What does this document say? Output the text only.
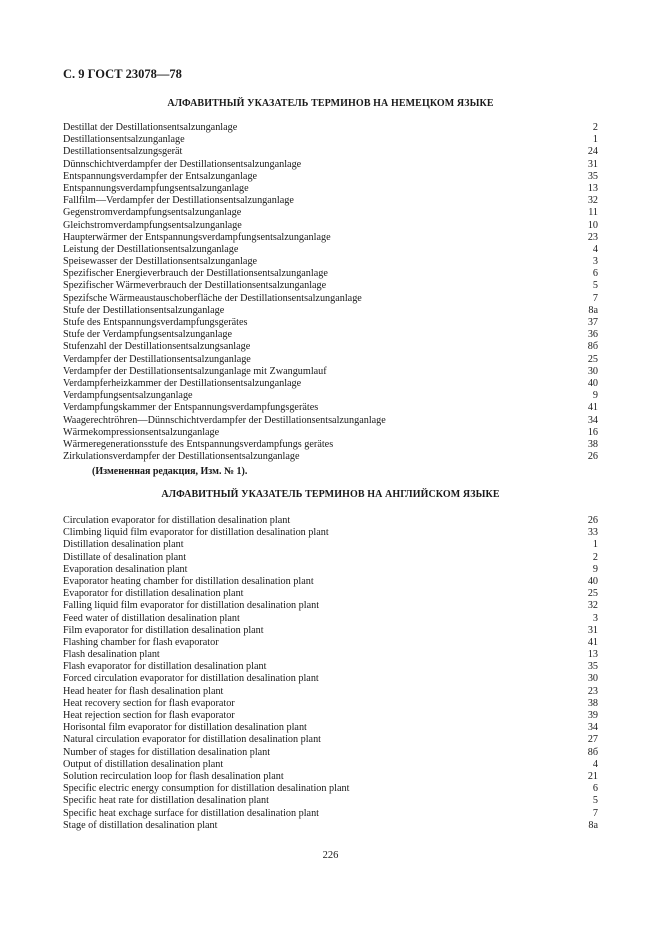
С. 9 ГОСТ 23078—78
АЛФАВИТНЫЙ УКАЗАТЕЛЬ ТЕРМИНОВ НА НЕМЕЦКОМ ЯЗЫКЕ
Destillat der Destillationsentsalzunganlage	2
Destillationsentsalzunganlage	1
Destillationsentsalzungsgerät	24
Dünnschichtverdampfer der Destillationsentsalzunganlage	31
Entspannungsverdampfer der Entsalzunganlage	35
Entspannungsverdampfungsentsalzunganlage	13
Fallfilm—Verdampfer der Destillationsentsalzunganlage	32
Gegenstromverdampfungsentsalzunganlage	11
Gleichstromverdampfungsentsalzunganlage	10
Haupterwärmer der Entspannungsverdampfungsentsalzunganlage	23
Leistung der Destillationsentsalzunganlage	4
Speisewasser der Destillationsentsalzunganlage	3
Spezifischer Energieverbrauch der Destillationsentsalzunganlage	6
Spezifischer Wärmeverbrauch der Destillationsentsalzunganlage	5
Spezifsche Wärmeaustauschoberfläche der Destillationsentsalzunganlage	7
Stufe der Destillationsentsalzunganlage	8a
Stufe des Entspannungsverdampfungsgerätes	37
Stufe der Verdampfungsentsalzunganlage	36
Stufenzahl der Destillationsentsalzungsanlage	8б
Verdampfer der Destillationsentsalzunganlage	25
Verdampfer der Destillationsentsalzunganlage mit Zwangumlauf	30
Verdampferheizkammer der Destillationsentsalzunganlage	40
Verdampfungsentsalzunganlage	9
Verdampfungskammer der Entspannungsverdampfungsgerätes	41
Waagerechtröhren—Dünnschichtverdampfer der Destillationsentsalzunganlage	34
Wärmekompressionsentsalzunganlage	16
Wärmeregenerationsstufe des Entspannungsverdampfungs gerätes	38
Zirkulationsverdampfer der Destillationsentsalzunganlage	26
(Измененная редакция, Изм. № 1).
АЛФАВИТНЫЙ УКАЗАТЕЛЬ ТЕРМИНОВ НА АНГЛИЙСКОМ ЯЗЫКЕ
Circulation evaporator for distillation desalination plant	26
Climbing liquid film evaporator for distillation desalination plant	33
Distillation desalination plant	1
Distillate of desalination plant	2
Evaporation desalination plant	9
Evaporator heating chamber for distillation desalination plant	40
Evaporator for distillation desalination plant	25
Falling liquid film evaporator for distillation desalination plant	32
Feed water of distillation desalination plant	3
Film evaporator for distillation desalination plant	31
Flashing chamber for flash evaporator	41
Flash desalination plant	13
Flash evaporator for distillation desalination plant	35
Forced circulation evaporator for distillation desalination plant	30
Head heater for flash desalination plant	23
Heat recovery section for flash evaporator	38
Heat rejection section for flash evaporator	39
Horisontal film evaporator for distillation desalination plant	34
Natural circulation evaporator for distillation desalination plant	27
Number of stages for distillation desalination plant	8б
Output of distillation desalination plant	4
Solution recirculation loop for flash desalination plant	21
Specific electric energy consumption for distillation desalination plant	6
Specific heat rate for distillation desalination plant	5
Specific heat exchage surface for distillation desalination plant	7
Stage of distillation desalination plant	8a
226
